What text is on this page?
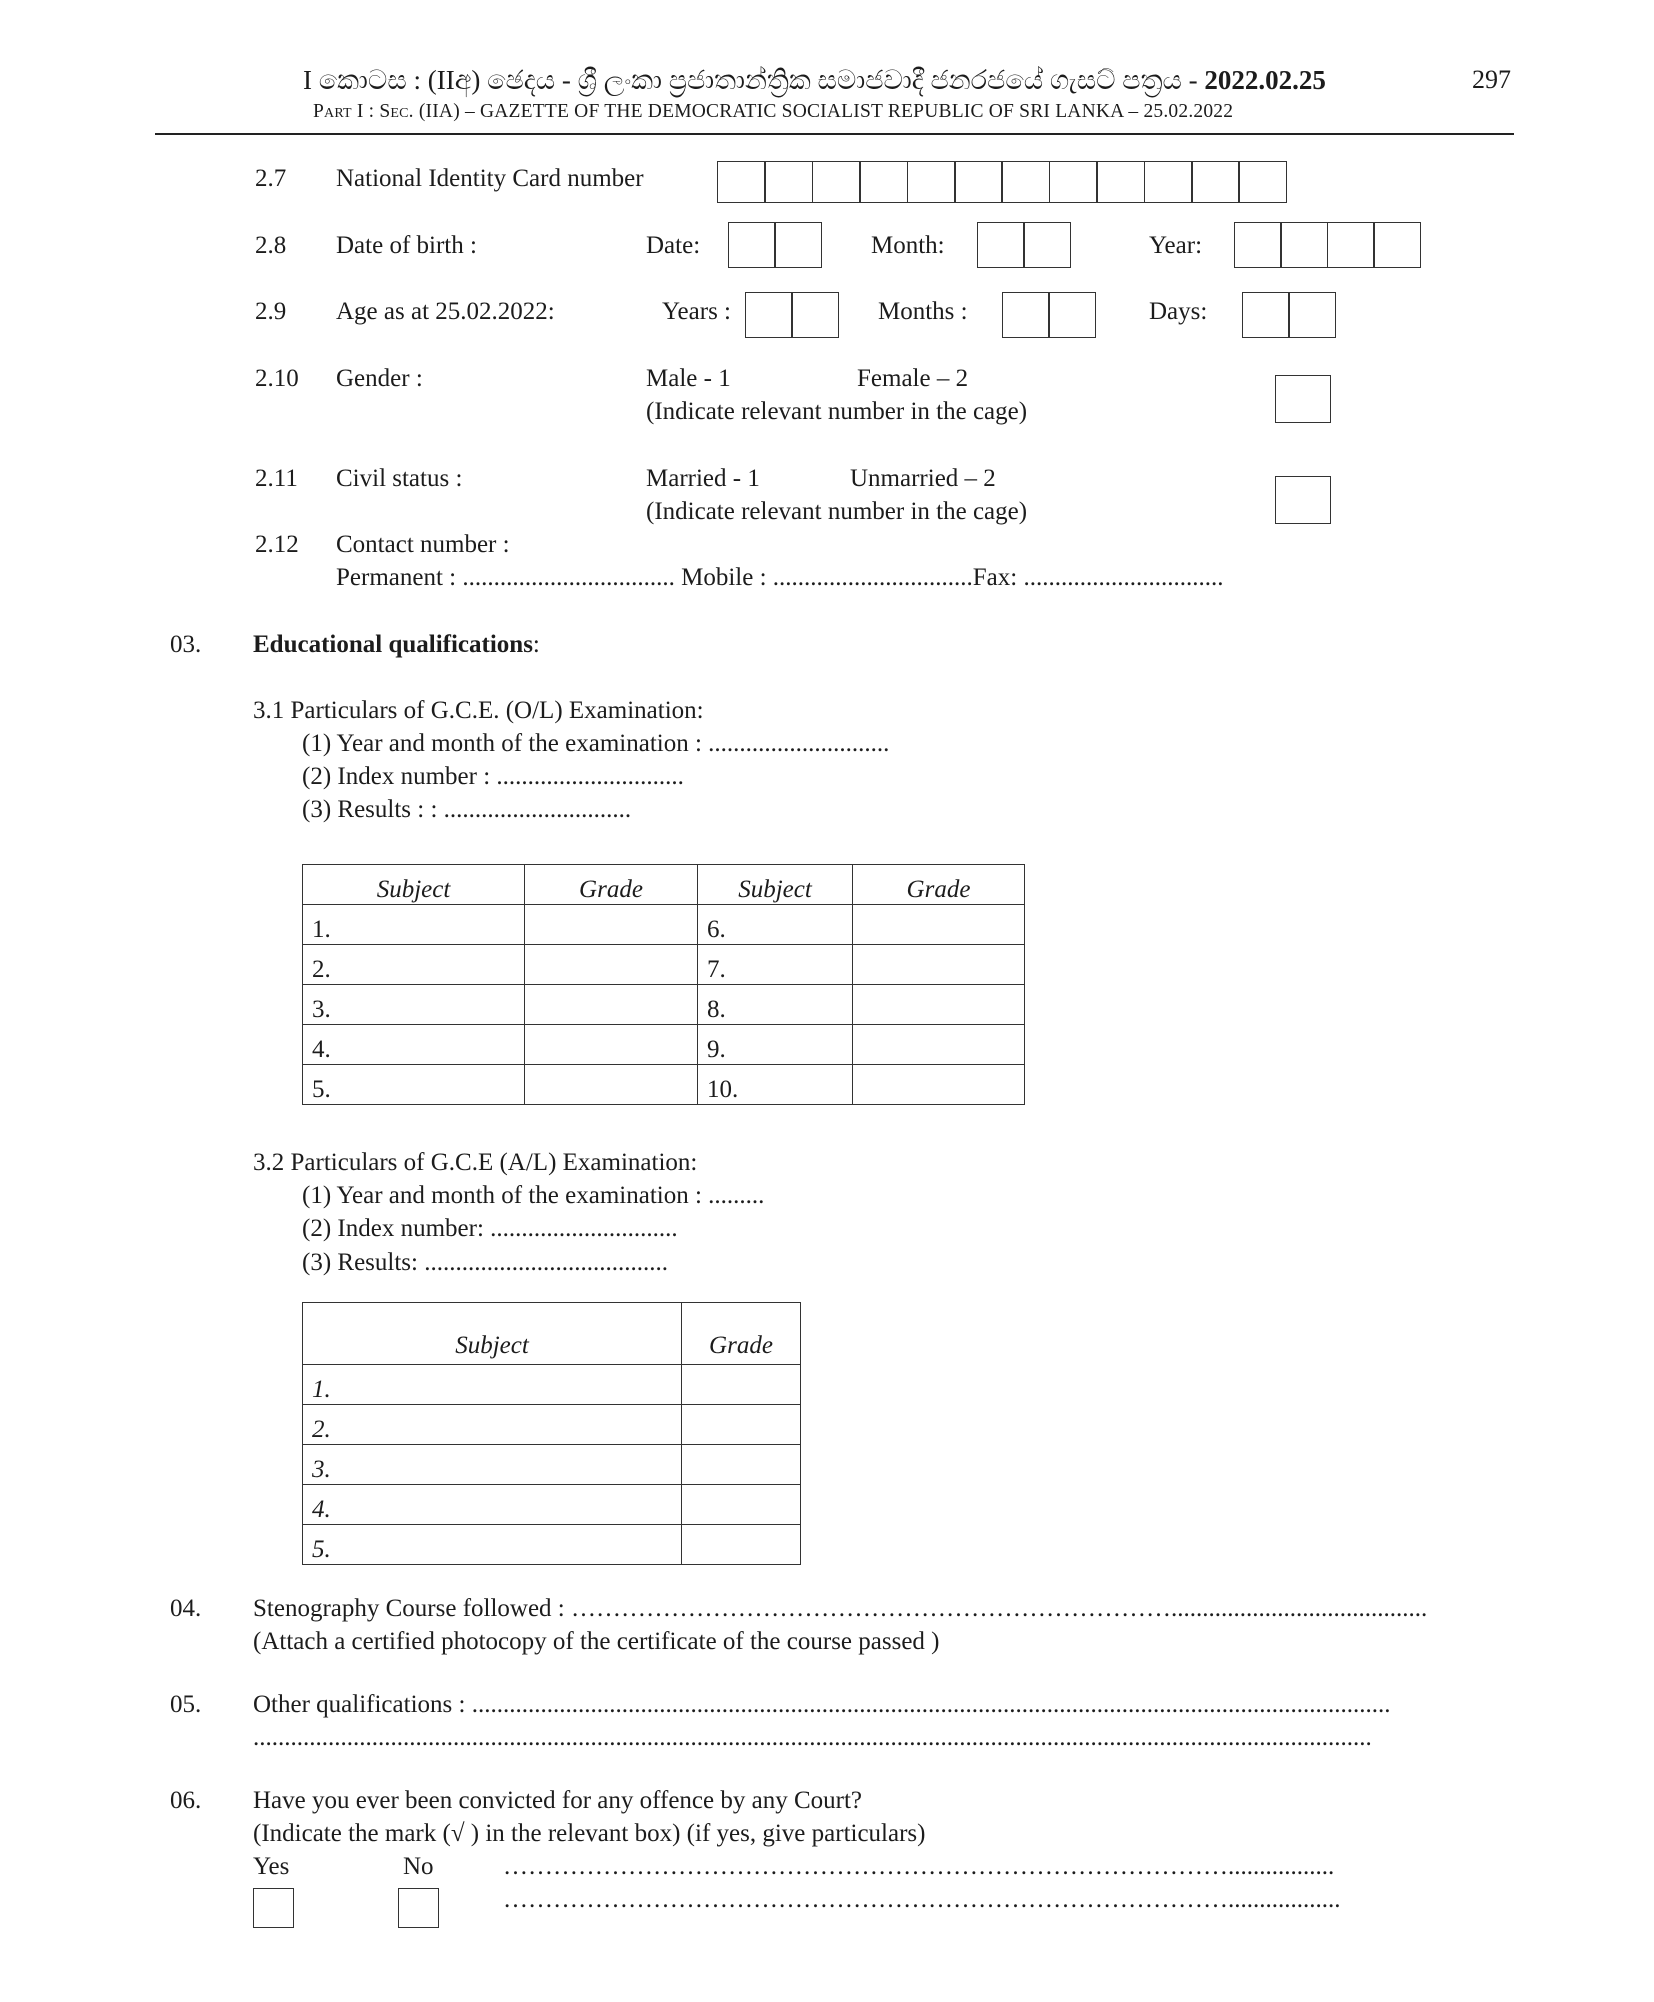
I කොටස : (IIඅ) ඡෙදය - ශ්‍රී ලංකා ප්‍රජාතාන්ත්‍රික සමාජවාදී ජනරජයේ ගැසට් පත්‍රය - 2022.02.25	297
Part I : Sec. (IIA) – GAZETTE OF THE DEMOCRATIC SOCIALIST REPUBLIC OF SRI LANKA – 25.02.2022
2.7 National Identity Card number
2.8 Date of birth :	Date:	Month:	Year:
2.9 Age as at 25.02.2022:	Years :	Months :	Days:
2.10 Gender :	Male - 1	Female – 2
(Indicate relevant number in the cage)
2.11 Civil status :	Married - 1	Unmarried – 2
(Indicate relevant number in the cage)
2.12 Contact number :
Permanent : .................................. Mobile : ................................Fax: ................................
03. Educational qualifications:
3.1 Particulars of G.C.E. (O/L) Examination:
(1) Year and month of the examination : .............................
(2) Index number : ..............................
(3) Results : : ..............................
Subject	Grade	Subject	Grade
1.		6.	
2.		7.	
3.		8.	
4.		9.	
5.		10.	
3.2 Particulars of G.C.E (A/L) Examination:
(1) Year and month of the examination : .........
(2) Index number: ..............................
(3) Results: .......................................
Subject	Grade
1.	
2.	
3.	
4.	
5.	
04. Stenography Course followed : ……………………………………………………………….........................................
(Attach a certified photocopy of the certificate of the course passed )
05. Other qualifications : ...................................................................................................................................................
...................................................................................................................................................................................
06. Have you ever been convicted for any offence by any Court?
(Indicate the mark (√ ) in the relevant box) (if yes, give particulars)
Yes	No	…………………………………………………………………………….................
……………………………………………………………………………..................
